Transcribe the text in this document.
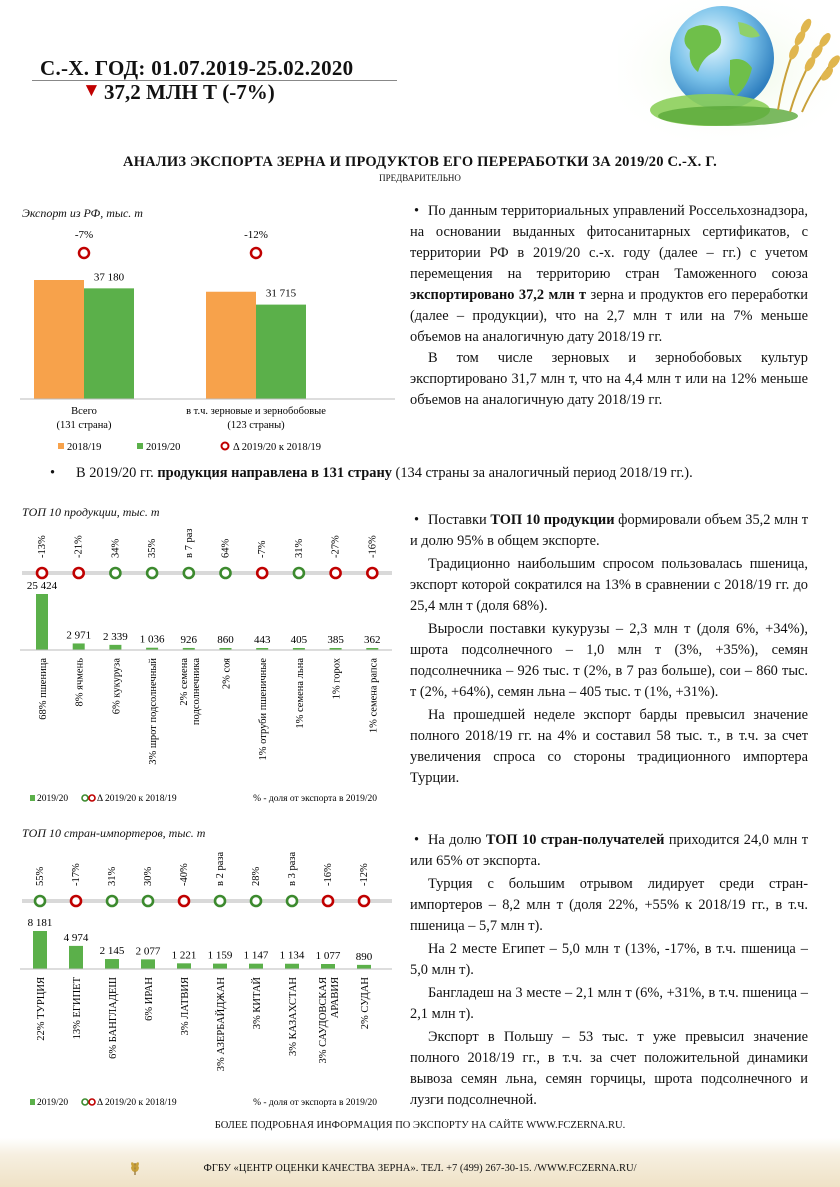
С.-Х. ГОД: 01.07.2019-25.02.2020
▼ 37,2 МЛН Т (-7%)
АНАЛИЗ ЭКСПОРТА ЗЕРНА И ПРОДУКТОВ ЕГО ПЕРЕРАБОТКИ ЗА 2019/20 С.-Х. Г.
ПРЕДВАРИТЕЛЬНО
Экспорт из РФ, тыс. т
37 180
-7%
Всего
(131 страна)
31 715
-12%
в т.ч. зерновые и зернобобовые
(123 страны)
2018/19	2019/20	Δ 2019/20 к 2018/19

• По данным территориальных управлений Россельхознадзора, на основании выданных фитосанитарных сертификатов, с территории РФ в 2019/20 с.-х. году (далее – гг.) с учетом перемещения на территорию стран Таможенного союза экспортировано 37,2 млн т зерна и продуктов его переработки (далее – продукции), что на 2,7 млн т или на 7% меньше объемов на аналогичную дату 2018/19 гг.

В том числе зерновых и зернобобовых культур экспортировано 31,7 млн т, что на 4,4 млн т или на 12% меньше объемов на аналогичную дату 2018/19 гг.

• В 2019/20 гг. продукция направлена в 131 страну (134 страны за аналогичный период 2018/19 гг.).
ТОП 10 продукции, тыс. т
25 424
-13%
68% пшеница
2 971
-21%
8% ячмень
2 339
34%
6% кукуруза
1 036
35%
3% шрот подсолнечный
926
в 7 раз
2% семена подсолнечника
860
64%
2% соя
443
-7%
1% отруби пшеничные
405
31%
1% семена льна
385
-27%
1% горох
362
-16%
1% семена рапса
2019/20	Δ 2019/20 к 2018/19	% - доля от экспорта в 2019/20

• Поставки ТОП 10 продукции формировали объем 35,2 млн т и долю 95% в общем экспорте.

Традиционно наибольшим спросом пользовалась пшеница, экспорт которой сократился на 13% в сравнении с 2018/19 гг. до 25,4 млн т (доля 68%).

Выросли поставки кукурузы – 2,3 млн т (доля 6%, +34%), шрота подсолнечного – 1,0 млн т (3%, +35%), семян подсолнечника – 926 тыс. т (2%, в 7 раз больше), сои – 860 тыс. т (2%, +64%), семян льна – 405 тыс. т (1%, +31%).

На прошедшей неделе экспорт барды превысил значение полного 2018/19 гг. на 4% и составил 58 тыс. т., в т.ч. за счет увеличения спроса со стороны традиционного импортера Турции.

ТОП 10 стран-импортеров, тыс. т
8 181
55%
22% ТУРЦИЯ
4 974
-17%
13% ЕГИПЕТ
2 145
31%
6% БАНГЛАДЕШ
2 077
30%
6% ИРАН
1 221
-40%
3% ЛАТВИЯ
1 159
в 2 раза
3% АЗЕРБАЙДЖАН
1 147
28%
3% КИТАЙ
1 134
в 3 раза
3% КАЗАХСТАН
1 077
-16%
3% САУДОВСКАЯ АРАВИЯ
890
-12%
2% СУДАН
2019/20	Δ 2019/20 к 2018/19	% - доля от экспорта в 2019/20

• На долю ТОП 10 стран-получателей приходится 24,0 млн т или 65% от экспорта.

Турция с большим отрывом лидирует среди стран-импортеров – 8,2 млн т (доля 22%, +55% к 2018/19 гг., в т.ч. пшеница – 5,7 млн т).

На 2 месте Египет – 5,0 млн т (13%, -17%, в т.ч. пшеница – 5,0 млн т).

Бангладеш на 3 месте – 2,1 млн т (6%, +31%, в т.ч. пшеница – 2,1 млн т).

Экспорт в Польшу – 53 тыс. т уже превысил значение полного 2018/19 гг., в т.ч. за счет положительной динамики вывоза семян льна, семян горчицы, шрота подсолнечного и лузги подсолнечной.

БОЛЕЕ ПОДРОБНАЯ ИНФОРМАЦИЯ ПО ЭКСПОРТУ НА САЙТЕ WWW.FCZERNA.RU.
ФГБУ «ЦЕНТР ОЦЕНКИ КАЧЕСТВА ЗЕРНА». ТЕЛ. +7 (499) 267-30-15. /WWW.FCZERNA.RU/
